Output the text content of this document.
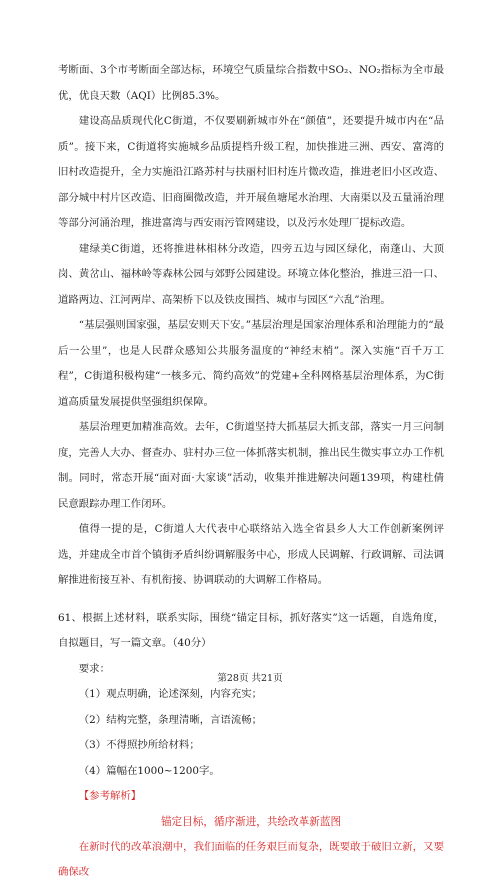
考断面、3个市考断面全部达标，环境空气质量综合指数中SO₂、NO₂指标为全市最优，优良天数（AQI）比例85.3%。

建设高品质现代化C街道，不仅要刷新城市外在“颜值”，还要提升城市内在“品质”。接下来，C街道将实施城乡品质提档升级工程，加快推进三洲、西安、富湾的旧村改造提升，全力实施沿江路苏村与扶丽村旧村连片微改造，推进老旧小区改造、部分城中村片区改造、旧商圈微改造，并开展鱼塘尾水治理、大南渠以及五量涌治理等部分河涌治理，推进富湾与西安雨污管网建设，以及污水处理厂提标改造。

建绿美C街道，还将推进林相林分改造，四旁五边与园区绿化，南蓬山、大顶岗、黄岔山、福林岭等森林公园与郊野公园建设。环境立体化整治，推进三沿一口、道路两边、江河两岸、高架桥下以及铁皮围挡、城市与园区“六乱”治理。

“基层强则国家强，基层安则天下安。”基层治理是国家治理体系和治理能力的“最后一公里”，也是人民群众感知公共服务温度的“神经末梢”。深入实施“百千万工程”，C街道积极构建“一核多元、简约高效”的党建+全科网格基层治理体系，为C街道高质量发展提供坚强组织保障。

基层治理更加精准高效。去年，C街道坚持大抓基层大抓支部，落实一月三问制度，完善人大办、督查办、驻村办三位一体抓落实机制，推出民生微实事立办工作机制。同时，常态开展“面对面·大家谈”活动，收集并推进解决问题139项，构建杜倩民意跟踪办理工作闭环。

值得一提的是，C街道人大代表中心联络站入选全省县乡人大工作创新案例评选，并建成全市首个镇街矛盾纠纷调解服务中心，形成人民调解、行政调解、司法调解推进衔接互补、有机衔接、协调联动的大调解工作格局。

61、根据上述材料，联系实际，围绕“锚定目标，抓好落实”这一话题，自选角度，自拟题目，写一篇文章。（40分）

要求：

（1）观点明确，论述深刻，内容充实；

（2）结构完整，条理清晰，言语流畅；

（3）不得照抄所给材料；

（4）篇幅在1000~1200字。

【参考解析】

锚定目标，循序渐进，共绘改革新蓝图

在新时代的改革浪潮中，我们面临的任务艰巨而复杂，既要敢于破旧立新，又要确保改

第28页 共21页
